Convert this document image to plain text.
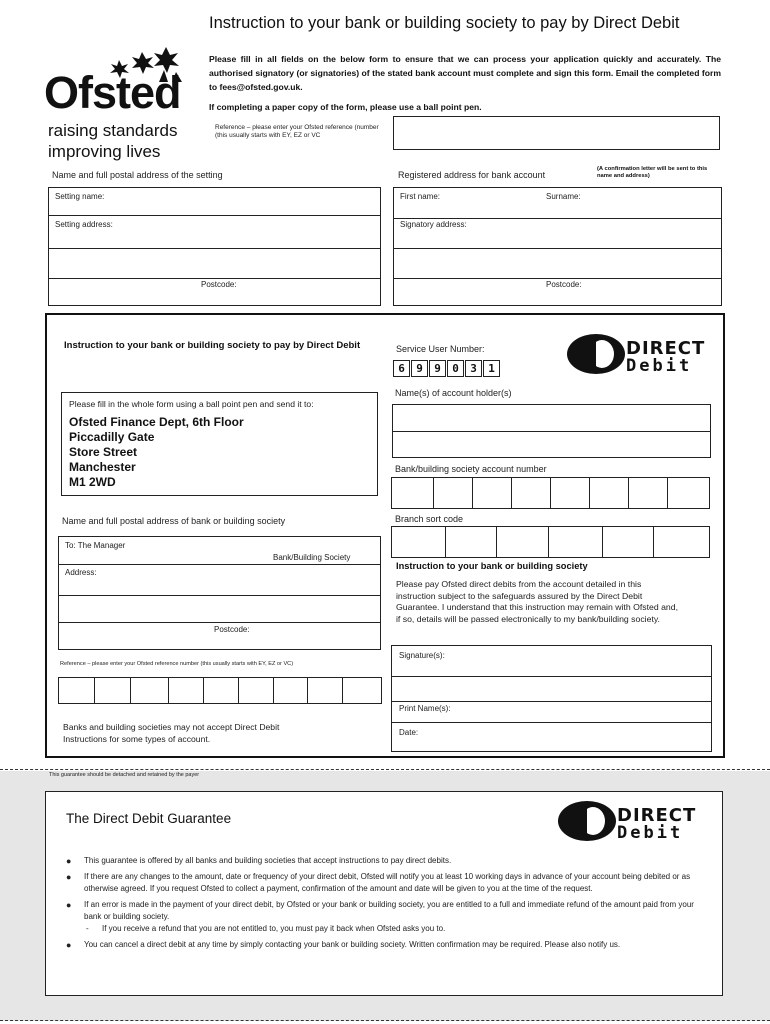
Instruction to your bank or building society to pay by Direct Debit
Please fill in all fields on the below form to ensure that we can process your application quickly and accurately. The authorised signatory (or signatories) of the stated bank account must complete and sign this form. Email the completed form to fees@ofsted.gov.uk.
If completing a paper copy of the form, please use a ball point pen.
Ofsted
raising standards
improving lives
Reference – please enter your Ofsted reference (number (this usually starts with EY, EZ or VC
Name and full postal address of the setting
Setting name:
Setting address:
Postcode:
Registered address for bank account
(A confirmation letter will be sent to this name and address)
First name:	Surname:
Signatory address:
Postcode:
Instruction to your bank or building society to pay by Direct Debit
Please fill in the whole form using a ball point pen and send it to:
Ofsted Finance Dept, 6th Floor
Piccadilly Gate
Store Street
Manchester
M1 2WD
Name and full postal address of bank or building society
To: The Manager
Bank/Building Society
Address:
Postcode:
Reference – please enter your Ofsted reference number (this usually starts with EY, EZ or VC)
Banks and building societies may not accept Direct Debit Instructions for some types of account.
Service User Number:
6 9 9 0 3 1
DIRECT
Debit
Name(s) of account holder(s)
Bank/building society account number
Branch sort code
Instruction to your bank or building society
Please pay Ofsted direct debits from the account detailed in this instruction subject to the safeguards assured by the Direct Debit Guarantee. I understand that this instruction may remain with Ofsted and, if so, details will be passed electronically to my bank/building society.
Signature(s):
Print Name(s):
Date:
This guarantee should be detached and retained by the payer
The Direct Debit Guarantee	DIRECT
Debit
● This guarantee is offered by all banks and building societies that accept instructions to pay direct debits.
● If there are any changes to the amount, date or frequency of your direct debit, Ofsted will notify you at least 10 working days in advance of your account being debited or as otherwise agreed. If you request Ofsted to collect a payment, confirmation of the amount and date will be given to you at the time of the request.
● If an error is made in the payment of your direct debit, by Ofsted or your bank or building society, you are entitled to a full and immediate refund of the amount paid from your bank or building society.
- If you receive a refund that you are not entitled to, you must pay it back when Ofsted asks you to.
● You can cancel a direct debit at any time by simply contacting your bank or building society. Written confirmation may be required. Please also notify us.
